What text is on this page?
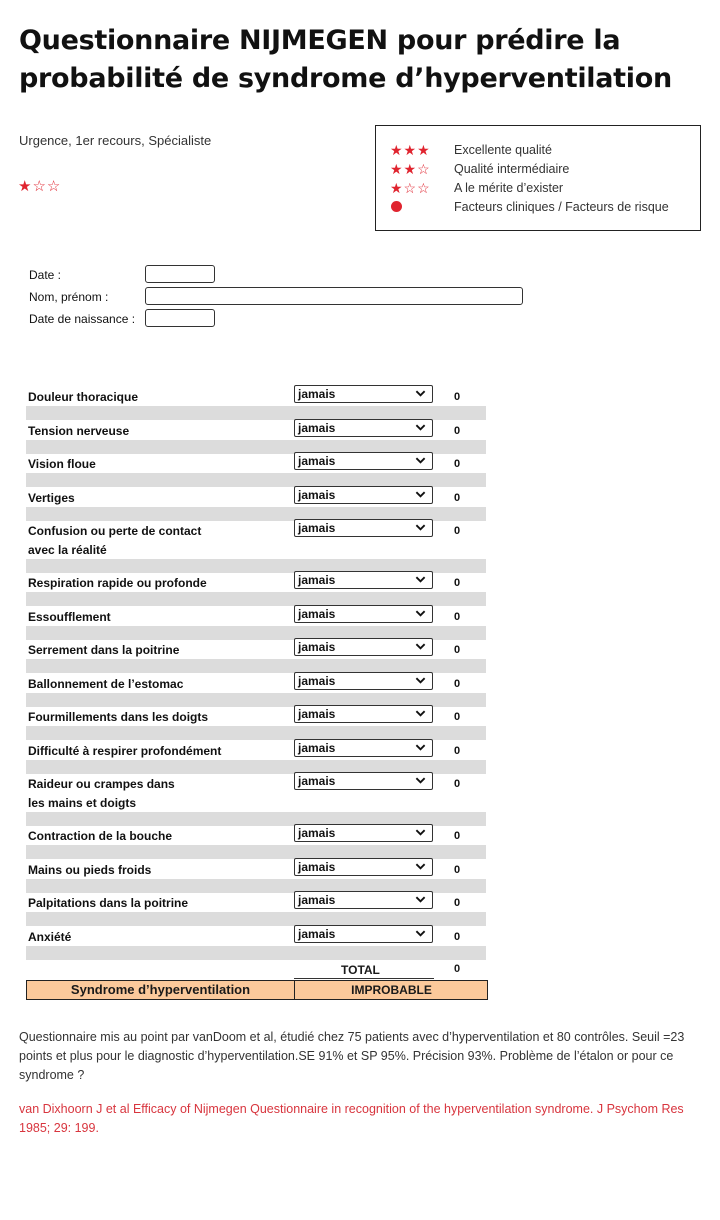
Questionnaire NIJMEGEN pour prédire la probabilité de syndrome d’hyperventilation
Urgence, 1er recours, Spécialiste
★☆☆
★★★	Excellente qualité
★★☆	Qualité intermédiaire
★☆☆	A le mérite d’exister
Facteurs cliniques / Facteurs de risque
Date :
Nom, prénom :
Date de naissance :
Douleur thoracique	jamais	0
Tension nerveuse	jamais	0
Vision floue	jamais	0
Vertiges	jamais	0
Confusion ou perte de contact
avec la réalité
jamais	0
Respiration rapide ou profonde	jamais	0
Essoufflement	jamais	0
Serrement dans la poitrine	jamais	0
Ballonnement de l’estomac	jamais	0
Fourmillements dans les doigts	jamais	0
Difficulté à respirer profondément	jamais	0
Raideur ou crampes dans
les mains et doigts
jamais	0
Contraction de la bouche	jamais	0
Mains ou pieds froids	jamais	0
Palpitations dans la poitrine	jamais	0
Anxiété	jamais	0
TOTAL	0
Syndrome d’hyperventilation	IMPROBABLE

Questionnaire mis au point par vanDoom et al, étudié chez 75 patients avec d’hyperventilation et 80 contrôles. Seuil =23 points et plus pour le diagnostic d’hyperventilation.SE 91% et SP 95%. Précision 93%. Problème de l’étalon or pour ce syndrome ?

van Dixhoorn J et al Efficacy of Nijmegen Questionnaire in recognition of the hyperventilation syndrome. J Psychom Res 1985; 29: 199.
